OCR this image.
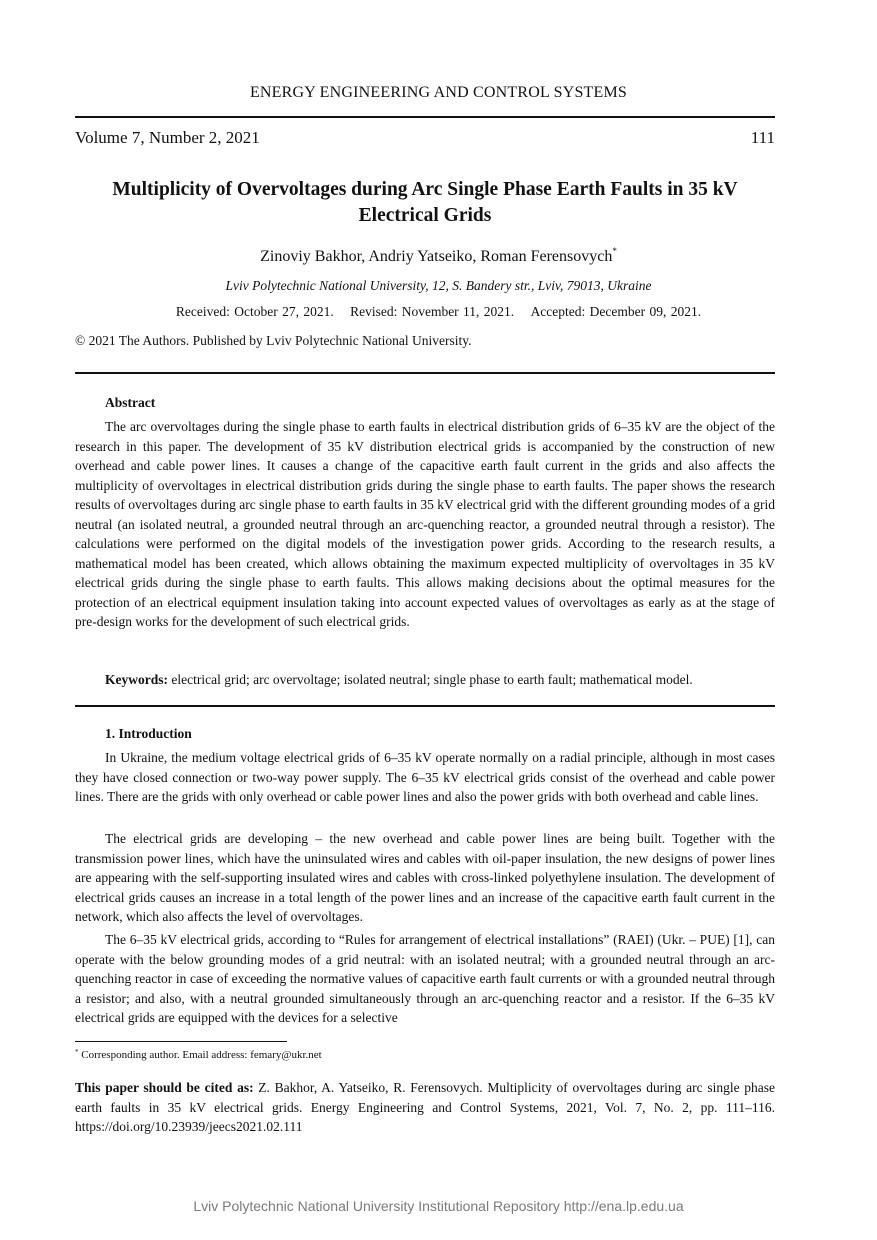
ENERGY ENGINEERING AND CONTROL SYSTEMS
Volume 7, Number 2, 2021	111
Multiplicity of Overvoltages during Arc Single Phase Earth Faults in 35 kV Electrical Grids
Zinoviy Bakhor, Andriy Yatseiko, Roman Ferensovych*
Lviv Polytechnic National University, 12, S. Bandery str., Lviv, 79013, Ukraine
Received: October 27, 2021. Revised: November 11, 2021. Accepted: December 09, 2021.
© 2021 The Authors. Published by Lviv Polytechnic National University.
Abstract
The arc overvoltages during the single phase to earth faults in electrical distribution grids of 6–35 kV are the object of the research in this paper. The development of 35 kV distribution electrical grids is accompanied by the construction of new overhead and cable power lines. It causes a change of the capacitive earth fault current in the grids and also affects the multiplicity of overvoltages in electrical distribution grids during the single phase to earth faults. The paper shows the research results of overvoltages during arc single phase to earth faults in 35 kV electrical grid with the different grounding modes of a grid neutral (an isolated neutral, a grounded neutral through an arc-quenching reactor, a grounded neutral through a resistor). The calculations were performed on the digital models of the investigation power grids. According to the research results, a mathematical model has been created, which allows obtaining the maximum expected multiplicity of overvoltages in 35 kV electrical grids during the single phase to earth faults. This allows making decisions about the optimal measures for the protection of an electrical equipment insulation taking into account expected values of overvoltages as early as at the stage of pre-design works for the development of such electrical grids.
Keywords: electrical grid; arc overvoltage; isolated neutral; single phase to earth fault; mathematical model.
1. Introduction
In Ukraine, the medium voltage electrical grids of 6–35 kV operate normally on a radial principle, although in most cases they have closed connection or two-way power supply. The 6–35 kV electrical grids consist of the overhead and cable power lines. There are the grids with only overhead or cable power lines and also the power grids with both overhead and cable lines.
The electrical grids are developing – the new overhead and cable power lines are being built. Together with the transmission power lines, which have the uninsulated wires and cables with oil-paper insulation, the new designs of power lines are appearing with the self-supporting insulated wires and cables with cross-linked polyethylene insulation. The development of electrical grids causes an increase in a total length of the power lines and an increase of the capacitive earth fault current in the network, which also affects the level of overvoltages.
The 6–35 kV electrical grids, according to “Rules for arrangement of electrical installations” (RAEI) (Ukr. – PUE) [1], can operate with the below grounding modes of a grid neutral: with an isolated neutral; with a grounded neutral through an arc-quenching reactor in case of exceeding the normative values of capacitive earth fault currents or with a grounded neutral through a resistor; and also, with a neutral grounded simultaneously through an arc-quenching reactor and a resistor. If the 6–35 kV electrical grids are equipped with the devices for a selective
* Corresponding author. Email address: femary@ukr.net
This paper should be cited as: Z. Bakhor, A. Yatseiko, R. Ferensovych. Multiplicity of overvoltages during arc single phase earth faults in 35 kV electrical grids. Energy Engineering and Control Systems, 2021, Vol. 7, No. 2, pp. 111–116. https://doi.org/10.23939/jeecs2021.02.111
Lviv Polytechnic National University Institutional Repository http://ena.lp.edu.ua
